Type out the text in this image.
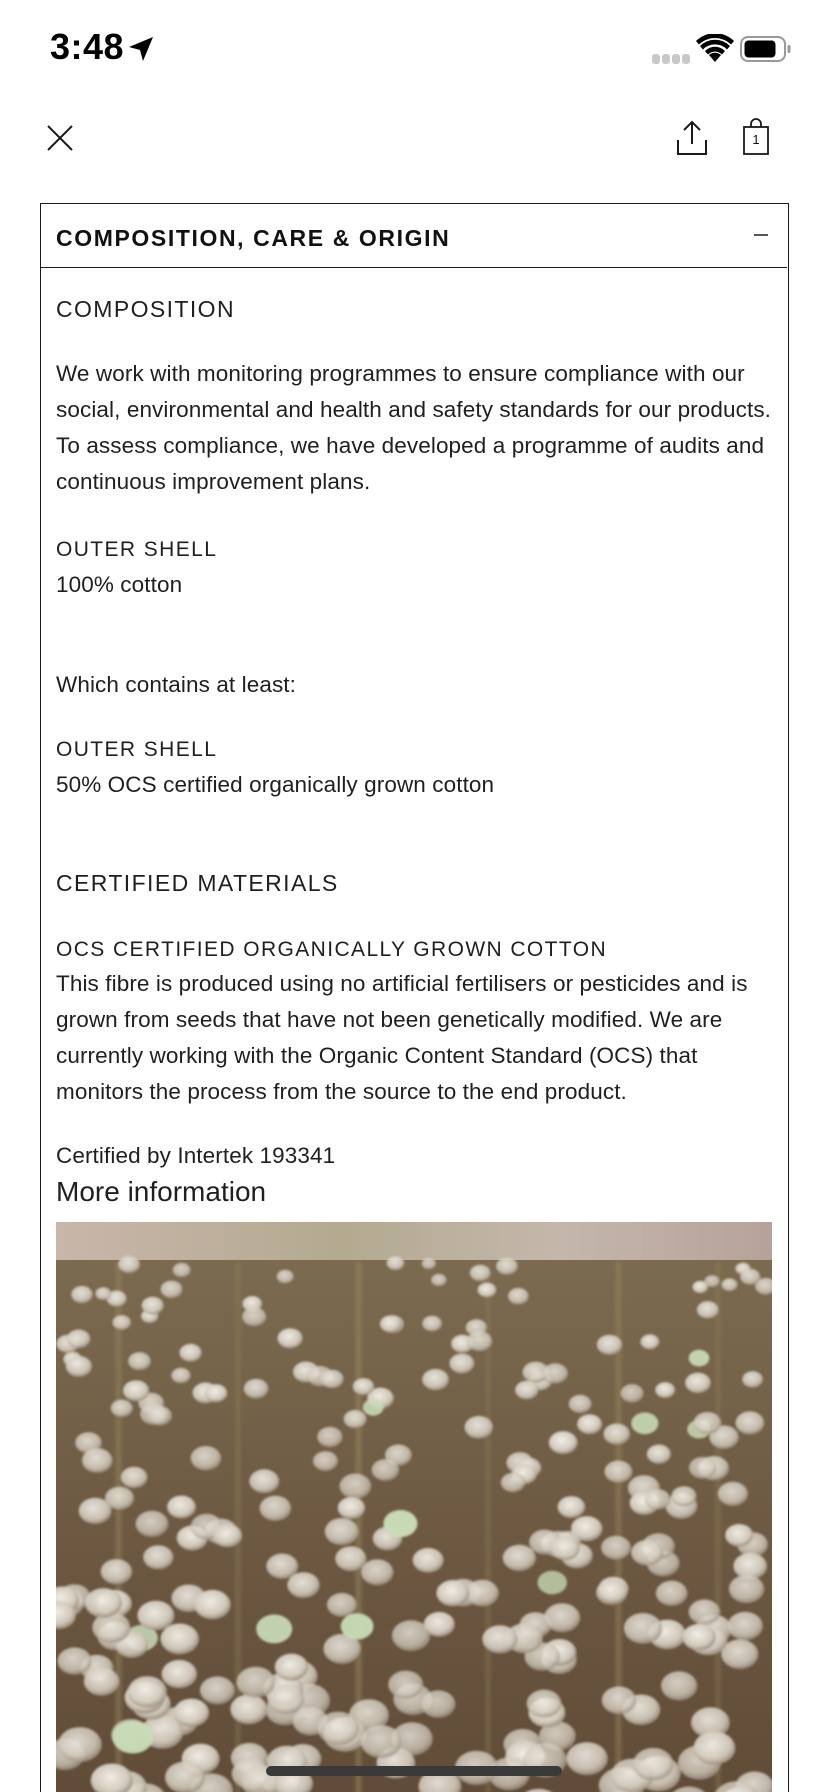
3:48
1
COMPOSITION, CARE & ORIGIN
COMPOSITION
We work with monitoring programmes to ensure compliance with our social, environmental and health and safety standards for our products. To assess compliance, we have developed a programme of audits and continuous improvement plans.
OUTER SHELL
100% cotton
Which contains at least:
OUTER SHELL
50% OCS certified organically grown cotton
CERTIFIED MATERIALS
OCS CERTIFIED ORGANICALLY GROWN COTTON
This fibre is produced using no artificial fertilisers or pesticides and is grown from seeds that have not been genetically modified. We are currently working with the Organic Content Standard (OCS) that monitors the process from the source to the end product.
Certified by Intertek 193341
More information
